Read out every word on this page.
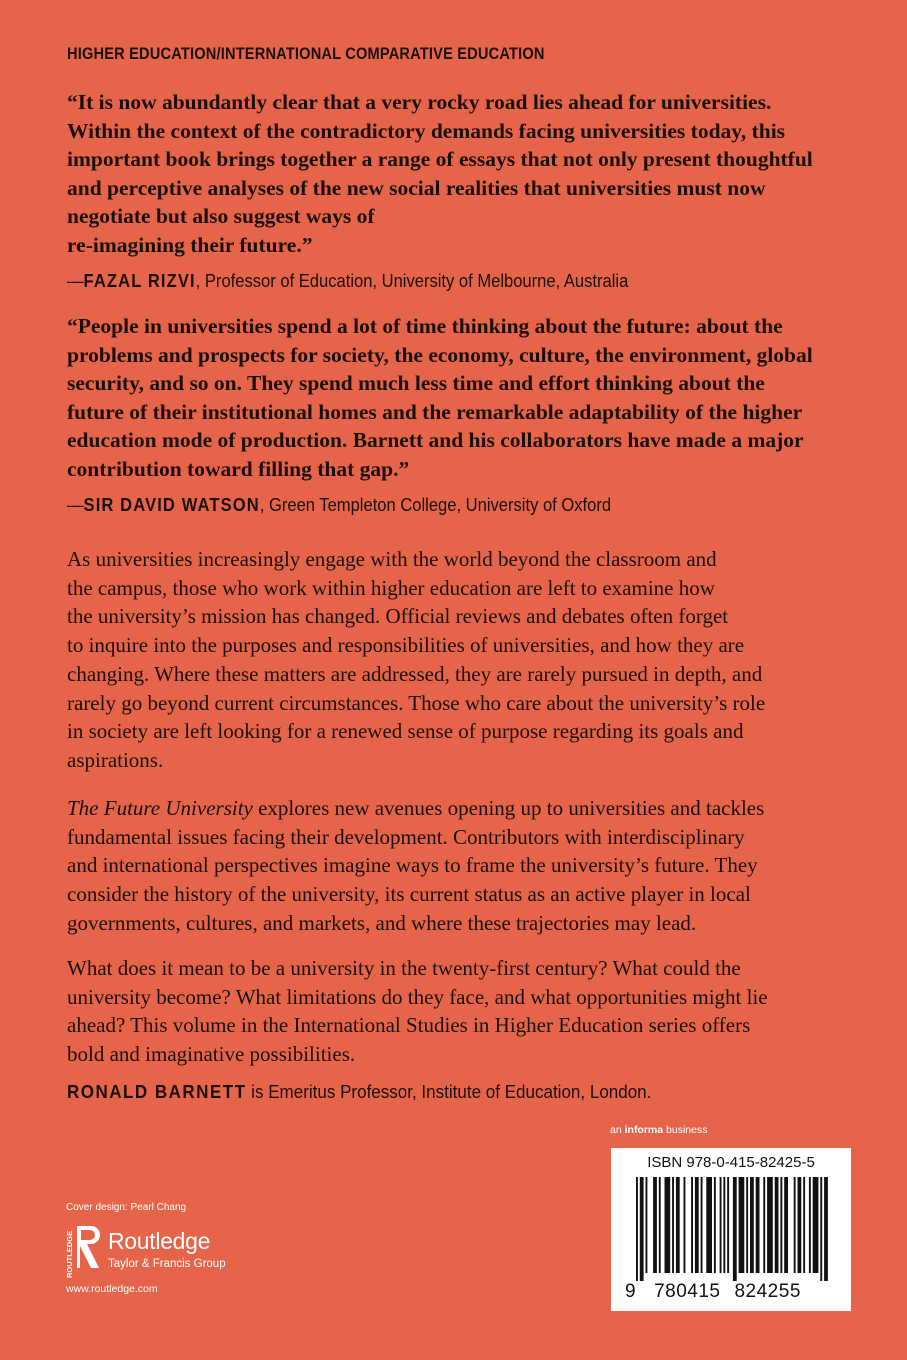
HIGHER EDUCATION/INTERNATIONAL COMPARATIVE EDUCATION
“It is now abundantly clear that a very rocky road lies ahead for universities.
Within the context of the contradictory demands facing universities today, this
important book brings together a range of essays that not only present thoughtful
and perceptive analyses of the new social realities that universities must now
negotiate but also suggest ways of
re-imagining their future.”
—FAZAL RIZVI, Professor of Education, University of Melbourne, Australia
“People in universities spend a lot of time thinking about the future: about the
problems and prospects for society, the economy, culture, the environment, global
security, and so on. They spend much less time and effort thinking about the
future of their institutional homes and the remarkable adaptability of the higher
education mode of production. Barnett and his collaborators have made a major
contribution toward filling that gap.”
—SIR DAVID WATSON, Green Templeton College, University of Oxford
As universities increasingly engage with the world beyond the classroom and
the campus, those who work within higher education are left to examine how
the university’s mission has changed. Official reviews and debates often forget
to inquire into the purposes and responsibilities of universities, and how they are
changing. Where these matters are addressed, they are rarely pursued in depth, and
rarely go beyond current circumstances. Those who care about the university’s role
in society are left looking for a renewed sense of purpose regarding its goals and
aspirations.
The Future University explores new avenues opening up to universities and tackles
fundamental issues facing their development. Contributors with interdisciplinary
and international perspectives imagine ways to frame the university’s future. They
consider the history of the university, its current status as an active player in local
governments, cultures, and markets, and where these trajectories may lead.
What does it mean to be a university in the twenty-first century? What could the
university become? What limitations do they face, and what opportunities might lie
ahead? This volume in the International Studies in Higher Education series offers
bold and imaginative possibilities.
RONALD BARNETT is Emeritus Professor, Institute of Education, London.
an informa business
ISBN 978-0-415-82425-5
9 780415 824255
Cover design: Pearl Chang
ROUTLEDGE Routledge
Taylor & Francis Group
www.routledge.com
